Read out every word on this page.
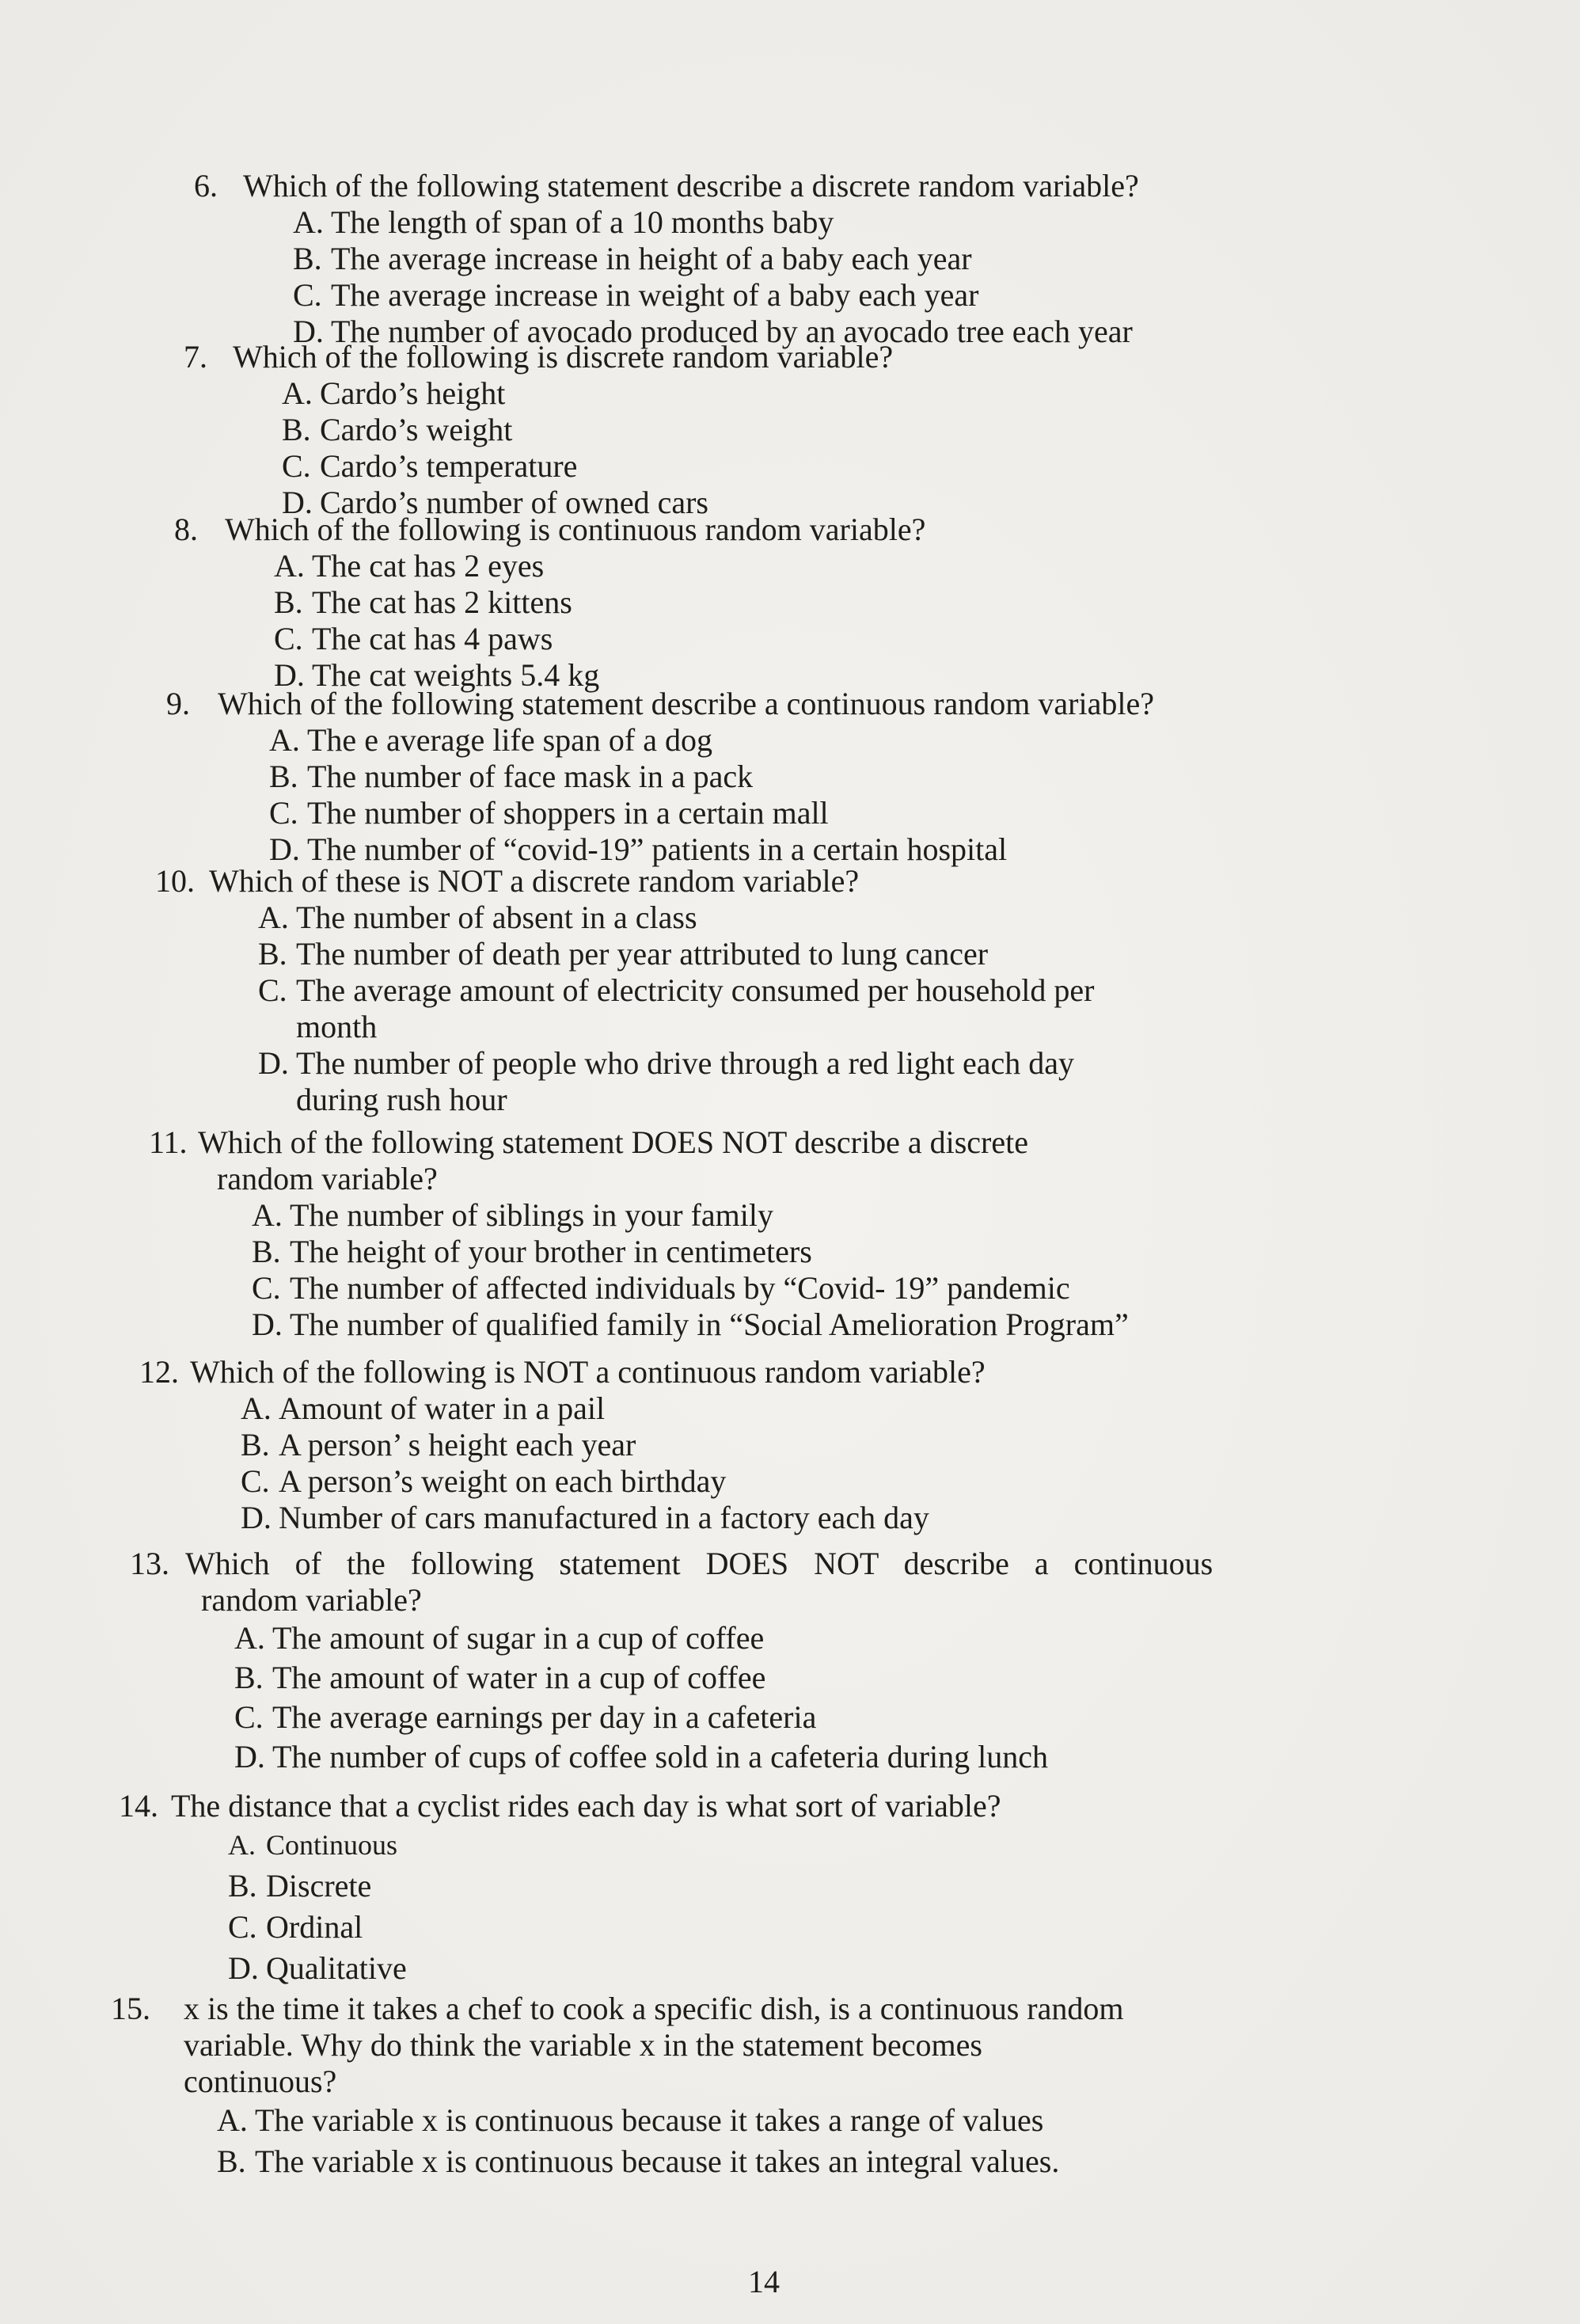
6. Which of the following statement describe a discrete random variable?
A. The length of span of a 10 months baby
B. The average increase in height of a baby each year
C. The average increase in weight of a baby each year
D. The number of avocado produced by an avocado tree each year
7. Which of the following is discrete random variable?
A. Cardo’s height
B. Cardo’s weight
C. Cardo’s temperature
D. Cardo’s number of owned cars
8. Which of the following is continuous random variable?
A. The cat has 2 eyes
B. The cat has 2 kittens
C. The cat has 4 paws
D. The cat weights 5.4 kg
9. Which of the following statement describe a continuous random variable?
A. The e average life span of a dog
B. The number of face mask in a pack
C. The number of shoppers in a certain mall
D. The number of “covid-19” patients in a certain hospital
10. Which of these is NOT a discrete random variable?
A. The number of absent in a class
B. The number of death per year attributed to lung cancer
C. The average amount of electricity consumed per household per
month
D. The number of people who drive through a red light each day
during rush hour
11. Which of the following statement DOES NOT describe a discrete
random variable?
A. The number of siblings in your family
B. The height of your brother in centimeters
C. The number of affected individuals by “Covid- 19” pandemic
D. The number of qualified family in “Social Amelioration Program”
12. Which of the following is NOT a continuous random variable?
A. Amount of water in a pail
B. A person’ s height each year
C. A person’s weight on each birthday
D. Number of cars manufactured in a factory each day
13. Which of the following statement DOES NOT describe a continuous
random variable?
A. The amount of sugar in a cup of coffee
B. The amount of water in a cup of coffee
C. The average earnings per day in a cafeteria
D. The number of cups of coffee sold in a cafeteria during lunch
14. The distance that a cyclist rides each day is what sort of variable?
A. Continuous
B. Discrete
C. Ordinal
D. Qualitative
15.	x is the time it takes a chef to cook a specific dish, is a continuous random
variable. Why do think the variable x in the statement becomes
continuous?
A. The variable x is continuous because it takes a range of values
B. The variable x is continuous because it takes an integral values.
14
